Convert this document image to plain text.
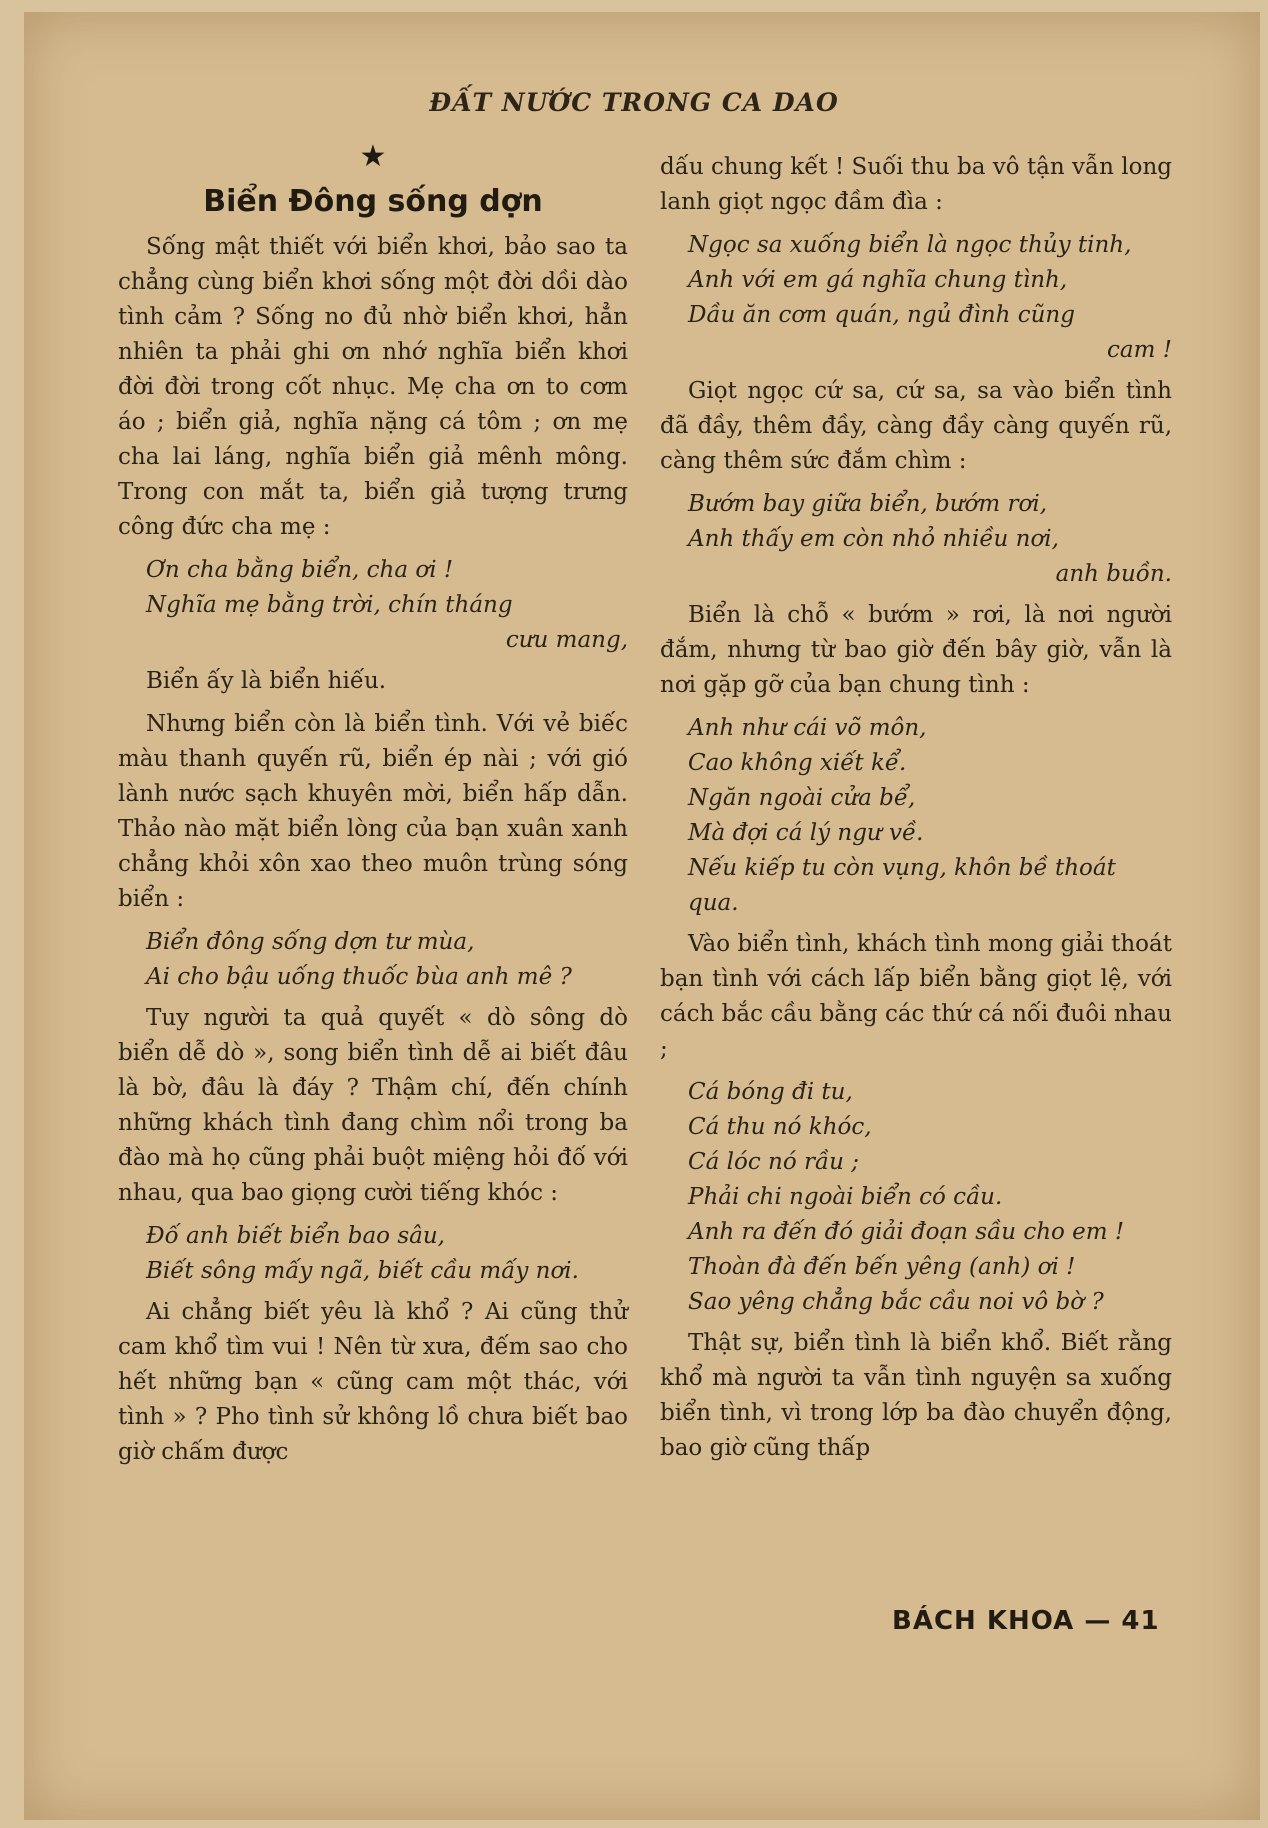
ĐẤT NƯỚC TRONG CA DAO
★
Biển Đông sống dợn

Sống mật thiết với biển khơi, bảo sao ta chẳng cùng biển khơi sống một đời dồi dào tình cảm ? Sống no đủ nhờ biển khơi, hẳn nhiên ta phải ghi ơn nhớ nghĩa biển khơi đời đời trong cốt nhục. Mẹ cha ơn to cơm áo ; biển giả, nghĩa nặng cá tôm ; ơn mẹ cha lai láng, nghĩa biển giả mênh mông. Trong con mắt ta, biển giả tượng trưng công đức cha mẹ :

Ơn cha bằng biển, cha ơi !
Nghĩa mẹ bằng trời, chín tháng
cưu mang,

Biển ấy là biển hiếu.

Nhưng biển còn là biển tình. Với vẻ biếc màu thanh quyến rũ, biển ép nài ; với gió lành nước sạch khuyên mời, biển hấp dẫn. Thảo nào mặt biển lòng của bạn xuân xanh chẳng khỏi xôn xao theo muôn trùng sóng biển :

Biển đông sống dợn tư mùa,
Ai cho bậu uống thuốc bùa anh mê ?

Tuy người ta quả quyết « dò sông dò biển dễ dò », song biển tình dễ ai biết đâu là bờ, đâu là đáy ? Thậm chí, đến chính những khách tình đang chìm nổi trong ba đào mà họ cũng phải buột miệng hỏi đố với nhau, qua bao giọng cười tiếng khóc :

Đố anh biết biển bao sâu,
Biết sông mấy ngã, biết cầu mấy nơi.

Ai chẳng biết yêu là khổ ? Ai cũng thử cam khổ tìm vui ! Nên từ xưa, đếm sao cho hết những bạn « cũng cam một thác, với tình » ? Pho tình sử không lồ chưa biết bao giờ chấm được

dấu chung kết ! Suối thu ba vô tận vẫn long lanh giọt ngọc đầm đìa :

Ngọc sa xuống biển là ngọc thủy tinh,
Anh với em gá nghĩa chung tình,
Dầu ăn cơm quán, ngủ đình cũng
cam !

Giọt ngọc cứ sa, cứ sa, sa vào biển tình đã đầy, thêm đầy, càng đầy càng quyến rũ, càng thêm sức đắm chìm :

Bướm bay giữa biển, bướm rơi,
Anh thấy em còn nhỏ nhiều nơi,
anh buồn.

Biển là chỗ « bướm » rơi, là nơi người đắm, nhưng từ bao giờ đến bây giờ, vẫn là nơi gặp gỡ của bạn chung tình :

Anh như cái võ môn,
Cao không xiết kể.
Ngăn ngoài cửa bể,
Mà đợi cá lý ngư về.
Nếu kiếp tu còn vụng, khôn bề thoát qua.

Vào biển tình, khách tình mong giải thoát bạn tình với cách lấp biển bằng giọt lệ, với cách bắc cầu bằng các thứ cá nối đuôi nhau ;

Cá bóng đi tu,
Cá thu nó khóc,
Cá lóc nó rầu ;
Phải chi ngoài biển có cầu.
Anh ra đến đó giải đoạn sầu cho em !
Thoàn đà đến bến yêng (anh) ơi !
Sao yêng chẳng bắc cầu noi vô bờ ?

Thật sự, biển tình là biển khổ. Biết rằng khổ mà người ta vẫn tình nguyện sa xuống biển tình, vì trong lớp ba đào chuyển động, bao giờ cũng thấp

BÁCH KHOA — 41
